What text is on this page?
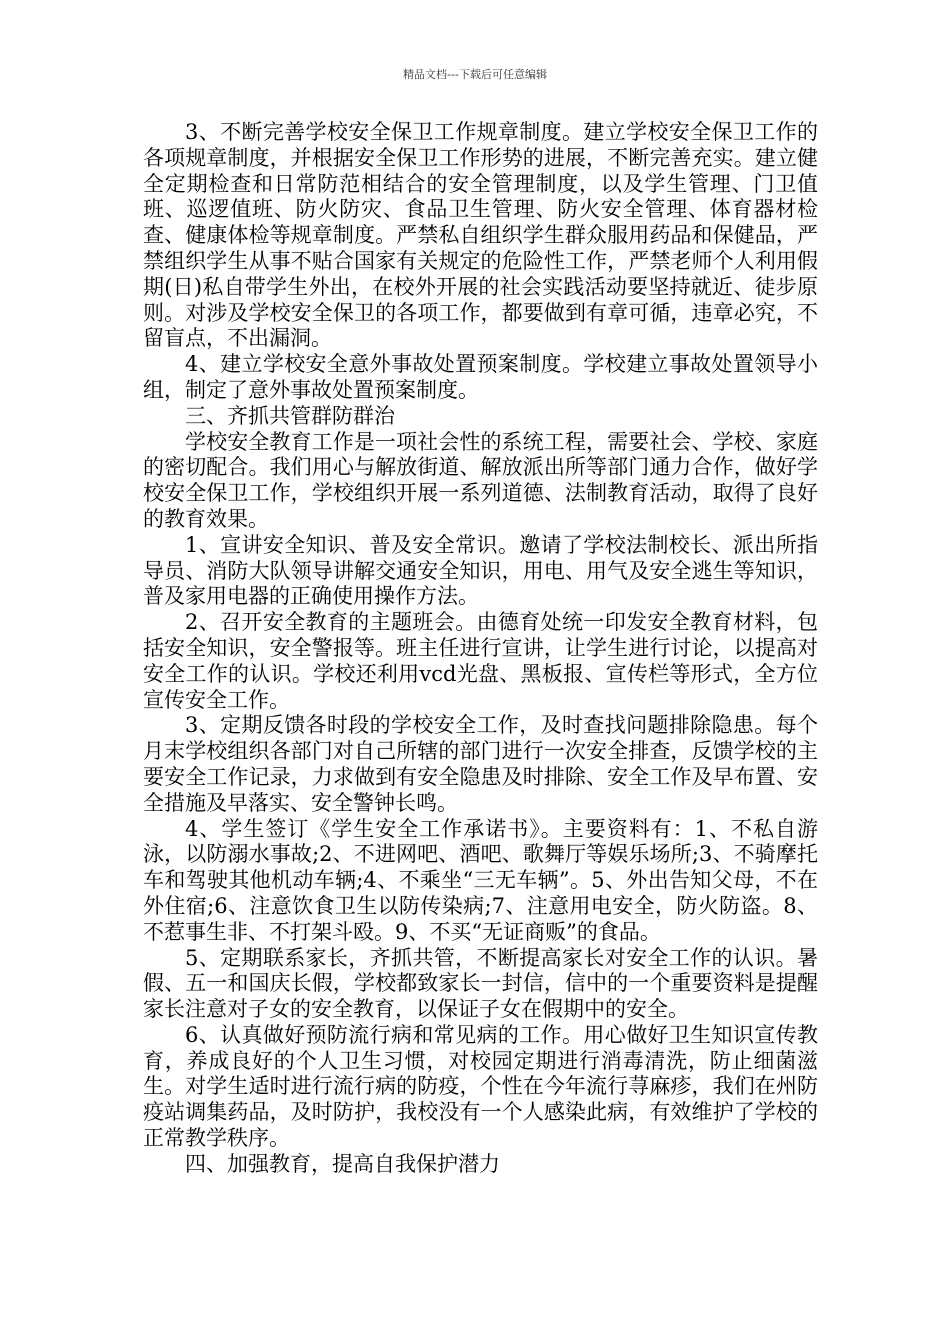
精品文档---下载后可任意编辑

3、不断完善学校安全保卫工作规章制度。建立学校安全保卫工作的各项规章制度，并根据安全保卫工作形势的进展，不断完善充实。建立健全定期检查和日常防范相结合的安全管理制度，以及学生管理、门卫值班、巡逻值班、防火防灾、食品卫生管理、防火安全管理、体育器材检查、健康体检等规章制度。严禁私自组织学生群众服用药品和保健品，严禁组织学生从事不贴合国家有关规定的危险性工作，严禁老师个人利用假期(日)私自带学生外出，在校外开展的社会实践活动要坚持就近、徒步原则。对涉及学校安全保卫的各项工作，都要做到有章可循，违章必究，不留盲点，不出漏洞。

4、建立学校安全意外事故处置预案制度。学校建立事故处置领导小组，制定了意外事故处置预案制度。

三、齐抓共管群防群治

学校安全教育工作是一项社会性的系统工程，需要社会、学校、家庭的密切配合。我们用心与解放街道、解放派出所等部门通力合作，做好学校安全保卫工作，学校组织开展一系列道德、法制教育活动，取得了良好的教育效果。

1、宣讲安全知识、普及安全常识。邀请了学校法制校长、派出所指导员、消防大队领导讲解交通安全知识，用电、用气及安全逃生等知识，普及家用电器的正确使用操作方法。

2、召开安全教育的主题班会。由德育处统一印发安全教育材料，包括安全知识，安全警报等。班主任进行宣讲，让学生进行讨论，以提高对安全工作的认识。学校还利用vcd光盘、黑板报、宣传栏等形式，全方位宣传安全工作。

3、定期反馈各时段的学校安全工作，及时查找问题排除隐患。每个月末学校组织各部门对自己所辖的部门进行一次安全排查，反馈学校的主要安全工作记录，力求做到有安全隐患及时排除、安全工作及早布置、安全措施及早落实、安全警钟长鸣。

4、学生签订《学生安全工作承诺书》。主要资料有：1、不私自游泳，以防溺水事故;2、不进网吧、酒吧、歌舞厅等娱乐场所;3、不骑摩托车和驾驶其他机动车辆;4、不乘坐“三无车辆”。5、外出告知父母，不在外住宿;6、注意饮食卫生以防传染病;7、注意用电安全，防火防盗。8、不惹事生非、不打架斗殴。9、不买“无证商贩”的食品。

5、定期联系家长，齐抓共管，不断提高家长对安全工作的认识。暑假、五一和国庆长假，学校都致家长一封信，信中的一个重要资料是提醒家长注意对子女的安全教育，以保证子女在假期中的安全。

6、认真做好预防流行病和常见病的工作。用心做好卫生知识宣传教育，养成良好的个人卫生习惯，对校园定期进行消毒清洗，防止细菌滋生。对学生适时进行流行病的防疫，个性在今年流行荨麻疹，我们在州防疫站调集药品，及时防护，我校没有一个人感染此病，有效维护了学校的正常教学秩序。

四、加强教育，提高自我保护潜力
